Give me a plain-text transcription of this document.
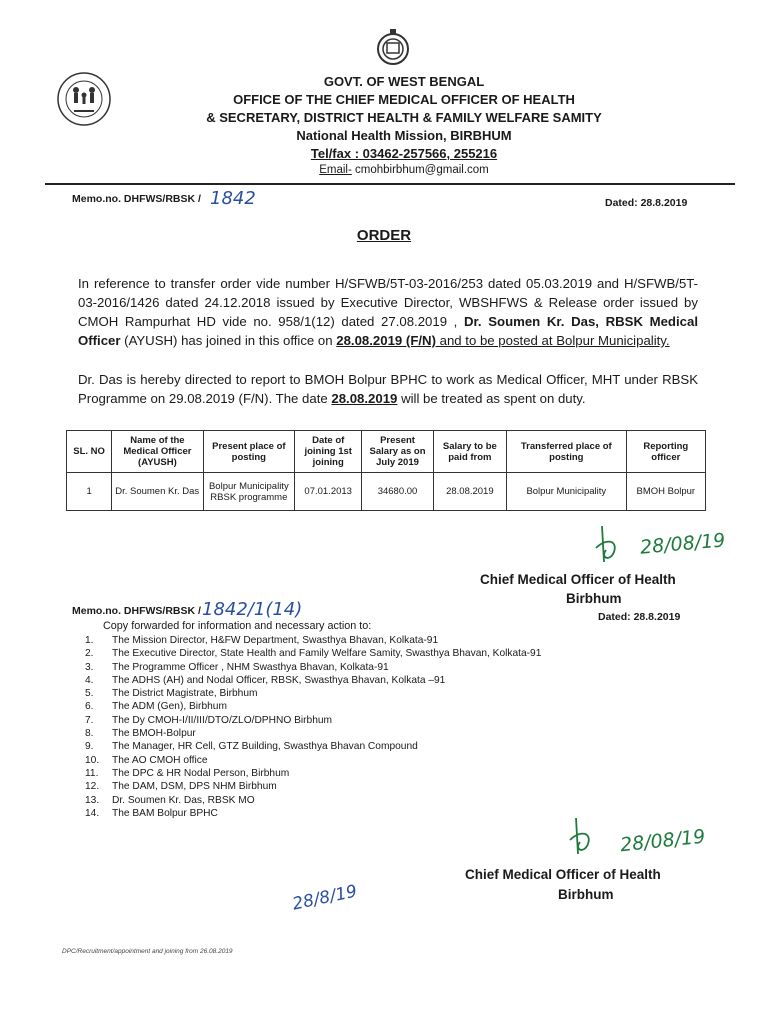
GOVT. OF WEST BENGAL
OFFICE OF THE CHIEF MEDICAL OFFICER OF HEALTH
& SECRETARY, DISTRICT HEALTH & FAMILY WELFARE SAMITY
National Health Mission, BIRBHUM
Tel/fax : 03462-257566, 255216
Email- cmohbirbhum@gmail.com
Memo.no. DHFWS/RBSK / 1842	Dated: 28.8.2019
ORDER
In reference to transfer order vide number H/SFWB/5T-03-2016/253 dated 05.03.2019 and H/SFWB/5T-03-2016/1426 dated 24.12.2018 issued by Executive Director, WBSHFWS & Release order issued by CMOH Rampurhat HD vide no. 958/1(12) dated 27.08.2019 , Dr. Soumen Kr. Das, RBSK Medical Officer (AYUSH) has joined in this office on 28.08.2019 (F/N) and to be posted at Bolpur Municipality.
Dr. Das is hereby directed to report to BMOH Bolpur BPHC to work as Medical Officer, MHT under RBSK Programme on 29.08.2019 (F/N). The date 28.08.2019 will be treated as spent on duty.
SL. NO	Name of the Medical Officer (AYUSH)	Present place of posting	Date of joining 1st joining	Present Salary as on July 2019	Salary to be paid from	Transferred place of posting	Reporting officer
1	Dr. Soumen Kr. Das	Bolpur Municipality RBSK programme	07.01.2013	34680.00	28.08.2019	Bolpur Municipality	BMOH Bolpur
28/08/19
Chief Medical Officer of Health
Birbhum
Memo.no. DHFWS/RBSK / 1842/1(14)	Dated: 28.8.2019
Copy forwarded for information and necessary action to:
1.	The Mission Director, H&FW Department, Swasthya Bhavan, Kolkata-91
2.	The Executive Director, State Health and Family Welfare Samity, Swasthya Bhavan, Kolkata-91
3.	The Programme Officer , NHM Swasthya Bhavan, Kolkata-91
4.	The ADHS (AH) and Nodal Officer, RBSK, Swasthya Bhavan, Kolkata –91
5.	The District Magistrate, Birbhum
6.	The ADM (Gen), Birbhum
7.	The Dy CMOH-I/II/III/DTO/ZLO/DPHNO Birbhum
8.	The BMOH-Bolpur
9.	The Manager, HR Cell, GTZ Building, Swasthya Bhavan Compound
10.	The AO CMOH office
11.	The DPC & HR Nodal Person, Birbhum
12.	The DAM, DSM, DPS NHM Birbhum
13.	Dr. Soumen Kr. Das, RBSK MO
14.	The BAM Bolpur BPHC
28/08/19
Chief Medical Officer of Health
Birbhum
28/8/19
DPC/Recruitment/appointment and joining from 26.08.2019
